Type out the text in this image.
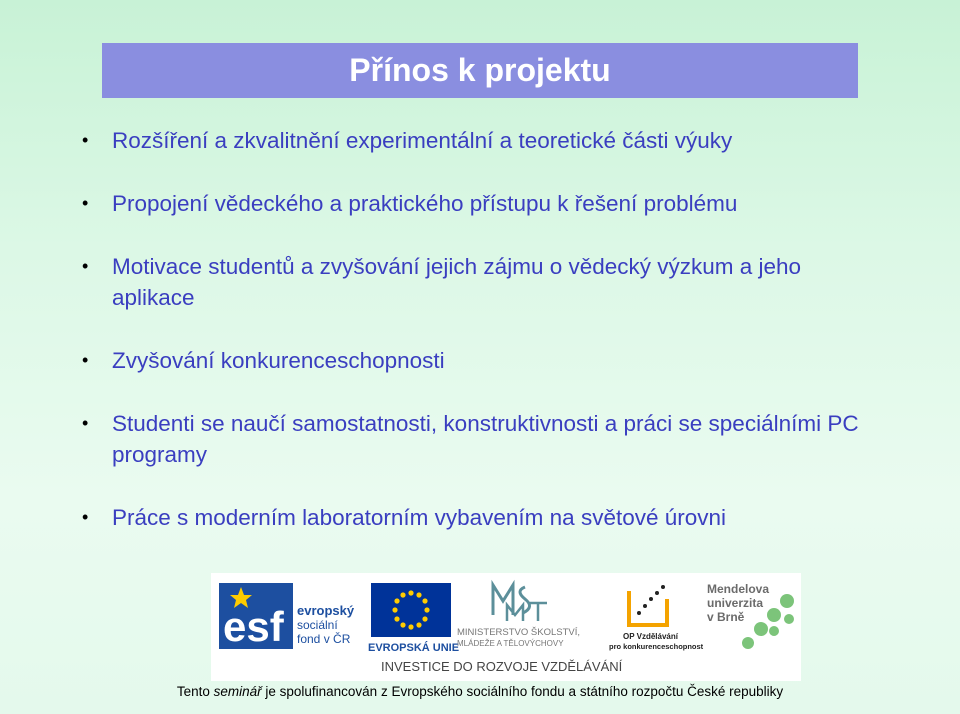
Přínos k projektu
• Rozšíření a zkvalitnění experimentální a teoretické části výuky
• Propojení vědeckého a praktického přístupu k řešení problému
• Motivace studentů a zvyšování jejich zájmu o vědecký výzkum a jeho aplikace
• Zvyšování konkurenceschopnosti
• Studenti se naučí samostatnosti, konstruktivnosti a práci se speciálními PC programy
• Práce s moderním laboratorním vybavením na světové úrovni
esf evropský
sociální
fond v ČR
EVROPSKÁ UNIE
MINISTERSTVO ŠKOLSTVÍ,
MLÁDEŽE A TĚLOVÝCHOVY
OP Vzdělávání
pro konkurenceschopnost
Mendelova
univerzita
v Brně
INVESTICE DO ROZVOJE VZDĚLÁVÁNÍ
Tento seminář je spolufinancován z Evropského sociálního fondu a státního rozpočtu České republiky
